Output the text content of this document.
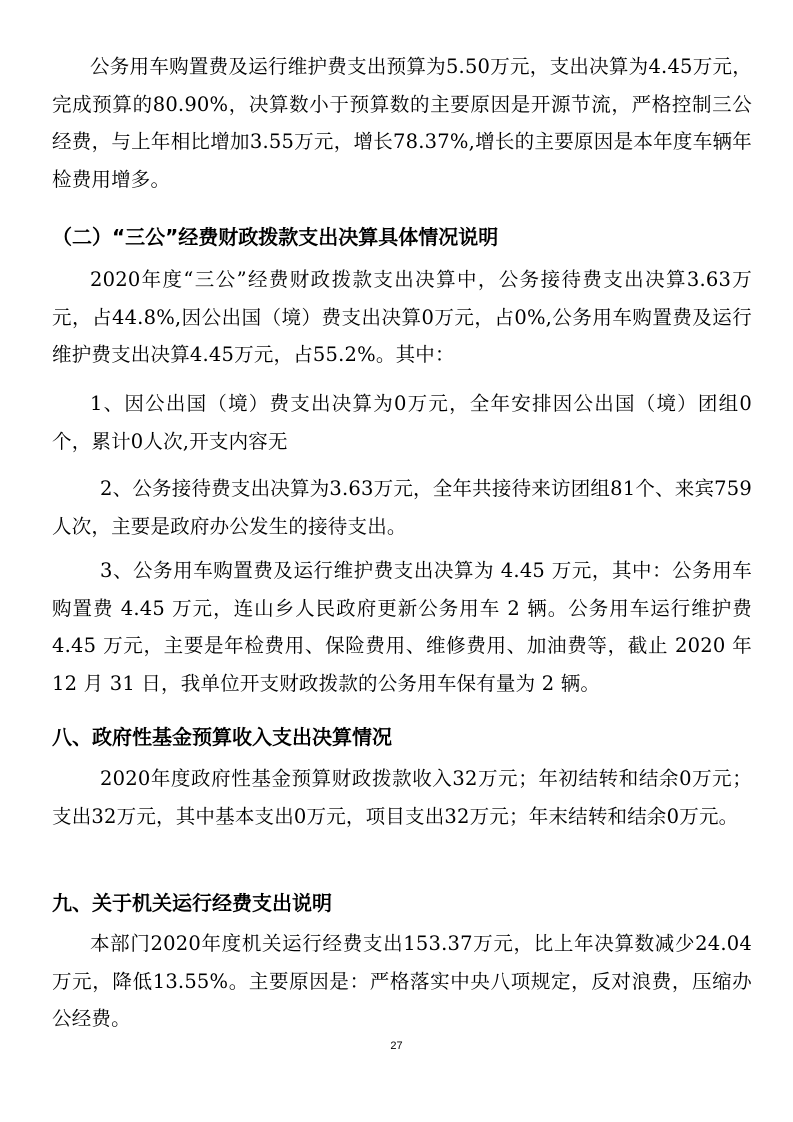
公务用车购置费及运行维护费支出预算为5.50万元，支出决算为4.45万元，完成预算的80.90%，决算数小于预算数的主要原因是开源节流，严格控制三公经费，与上年相比增加3.55万元，增长78.37%,增长的主要原因是本年度车辆年检费用增多。

（二）“三公”经费财政拨款支出决算具体情况说明

2020年度“三公”经费财政拨款支出决算中，公务接待费支出决算3.63万元，占44.8%,因公出国（境）费支出决算0万元，占0%,公务用车购置费及运行维护费支出决算4.45万元，占55.2%。其中：

1、因公出国（境）费支出决算为0万元，全年安排因公出国（境）团组0个，累计0人次,开支内容无

2、公务接待费支出决算为3.63万元，全年共接待来访团组81个、来宾759人次，主要是政府办公发生的接待支出。

3、公务用车购置费及运行维护费支出决算为 4.45 万元，其中：公务用车购置费 4.45 万元，连山乡人民政府更新公务用车 2 辆。公务用车运行维护费 4.45 万元，主要是年检费用、保险费用、维修费用、加油费等，截止 2020 年 12 月 31 日，我单位开支财政拨款的公务用车保有量为 2 辆。

八、政府性基金预算收入支出决算情况

2020年度政府性基金预算财政拨款收入32万元；年初结转和结余0万元；支出32万元，其中基本支出0万元，项目支出32万元；年末结转和结余0万元。

九、关于机关运行经费支出说明

本部门2020年度机关运行经费支出153.37万元，比上年决算数减少24.04万元，降低13.55%。主要原因是：严格落实中央八项规定，反对浪费，压缩办公经费。

27
